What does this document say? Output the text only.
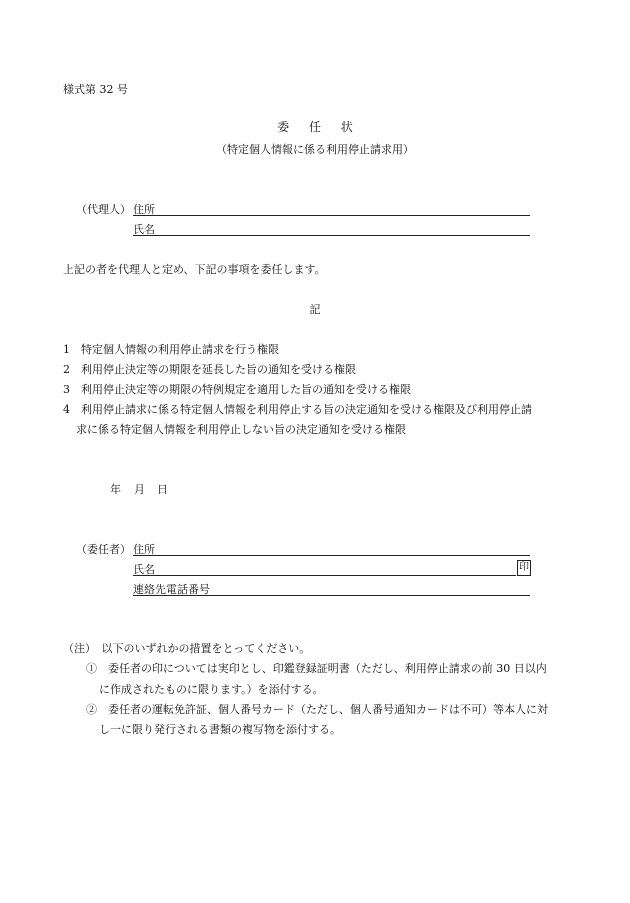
様式第 32 号
委 任 状
（特定個人情報に係る利用停止請求用）
（代理人） 住所
氏名
上記の者を代理人と定め、下記の事項を委任します。
記
1　特定個人情報の利用停止請求を行う権限
2　利用停止決定等の期限を延長した旨の通知を受ける権限
3　利用停止決定等の期限の特例規定を適用した旨の通知を受ける権限
4　利用停止請求に係る特定個人情報を利用停止する旨の決定通知を受ける権限及び利用停止請
求に係る特定個人情報を利用停止しない旨の決定通知を受ける権限
年 月 日
（委任者） 住所
氏名	印
連絡先電話番号
（注）　以下のいずれかの措置をとってください。
①　委任者の印については実印とし、印鑑登録証明書（ただし、利用停止請求の前 30 日以内
に作成されたものに限ります。）を添付する。
②　委任者の運転免許証、個人番号カード（ただし、個人番号通知カードは不可）等本人に対
し一に限り発行される書類の複写物を添付する。
